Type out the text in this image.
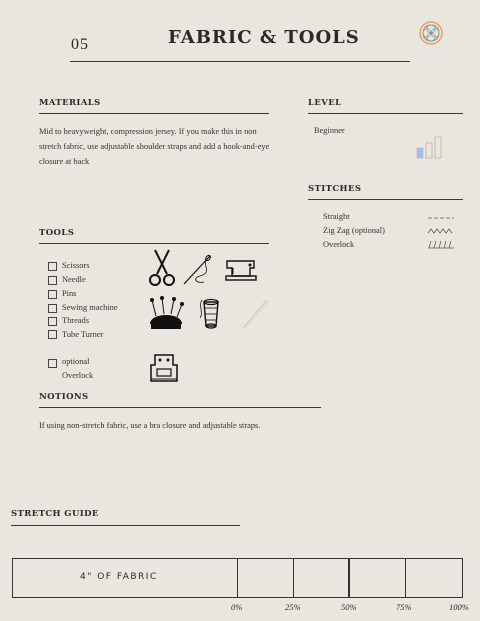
05	FABRIC & TOOLS
MATERIALS
Mid to heavyweight, compression jersey. If you make this in non
stretch fabric, use adjustable shoulder straps and add a hook-and-eye
closure at back
LEVEL
Beginner
STITCHES
Straight
Zig Zag (optional)
Overlock
TOOLS
Scissors
Needle
Pins
Sewing machine
Threads
Tube Turner
optional
Overlock
NOTIONS
If using non-stretch fabric, use a bra closure and adjustable straps.
STRETCH GUIDE
4" OF FABRIC
0%	25%	50%	75%	100%
